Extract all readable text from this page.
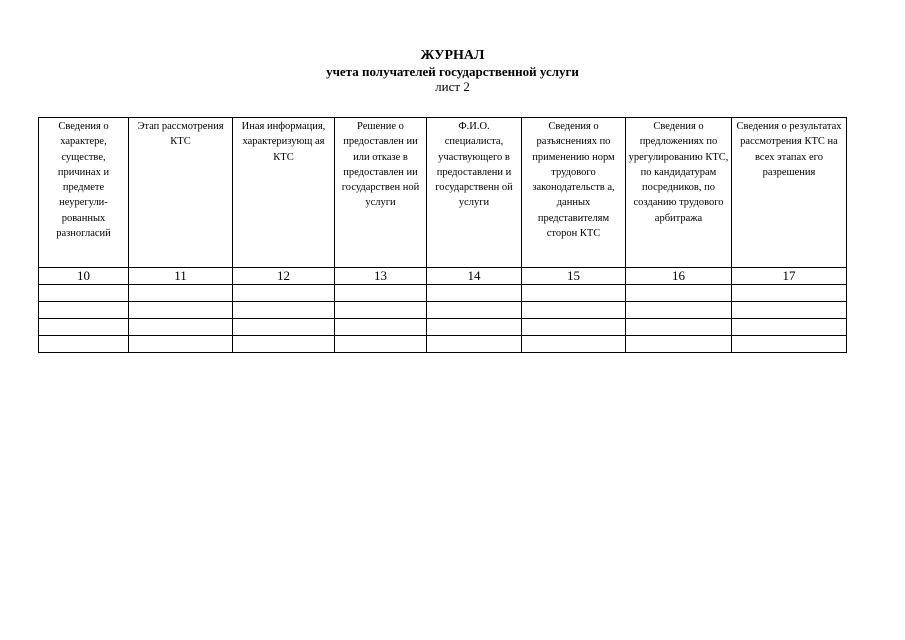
ЖУРНАЛ

учета получателей государственной услуги

лист 2

Сведения о характере, существе, причинах и предмете неурегули-рованных разногласий	Этап рассмотрения КТС	Иная информация, характеризующ ая КТС	Решение о предоставлен ии или отказе в предоставлен ии государствен ной услуги	Ф.И.О. специалиста, участвующего в предоставлени и государственн ой услуги	Сведения о разъяснениях по применению норм трудового законодательств а, данных представителям сторон КТС	Сведения о предложениях по урегулированию КТС, по кандидатурам посредников, по созданию трудового арбитража	Сведения о результатах рассмотрения КТС на всех этапах его разрешения

10	11	12	13	14	15	16	17
